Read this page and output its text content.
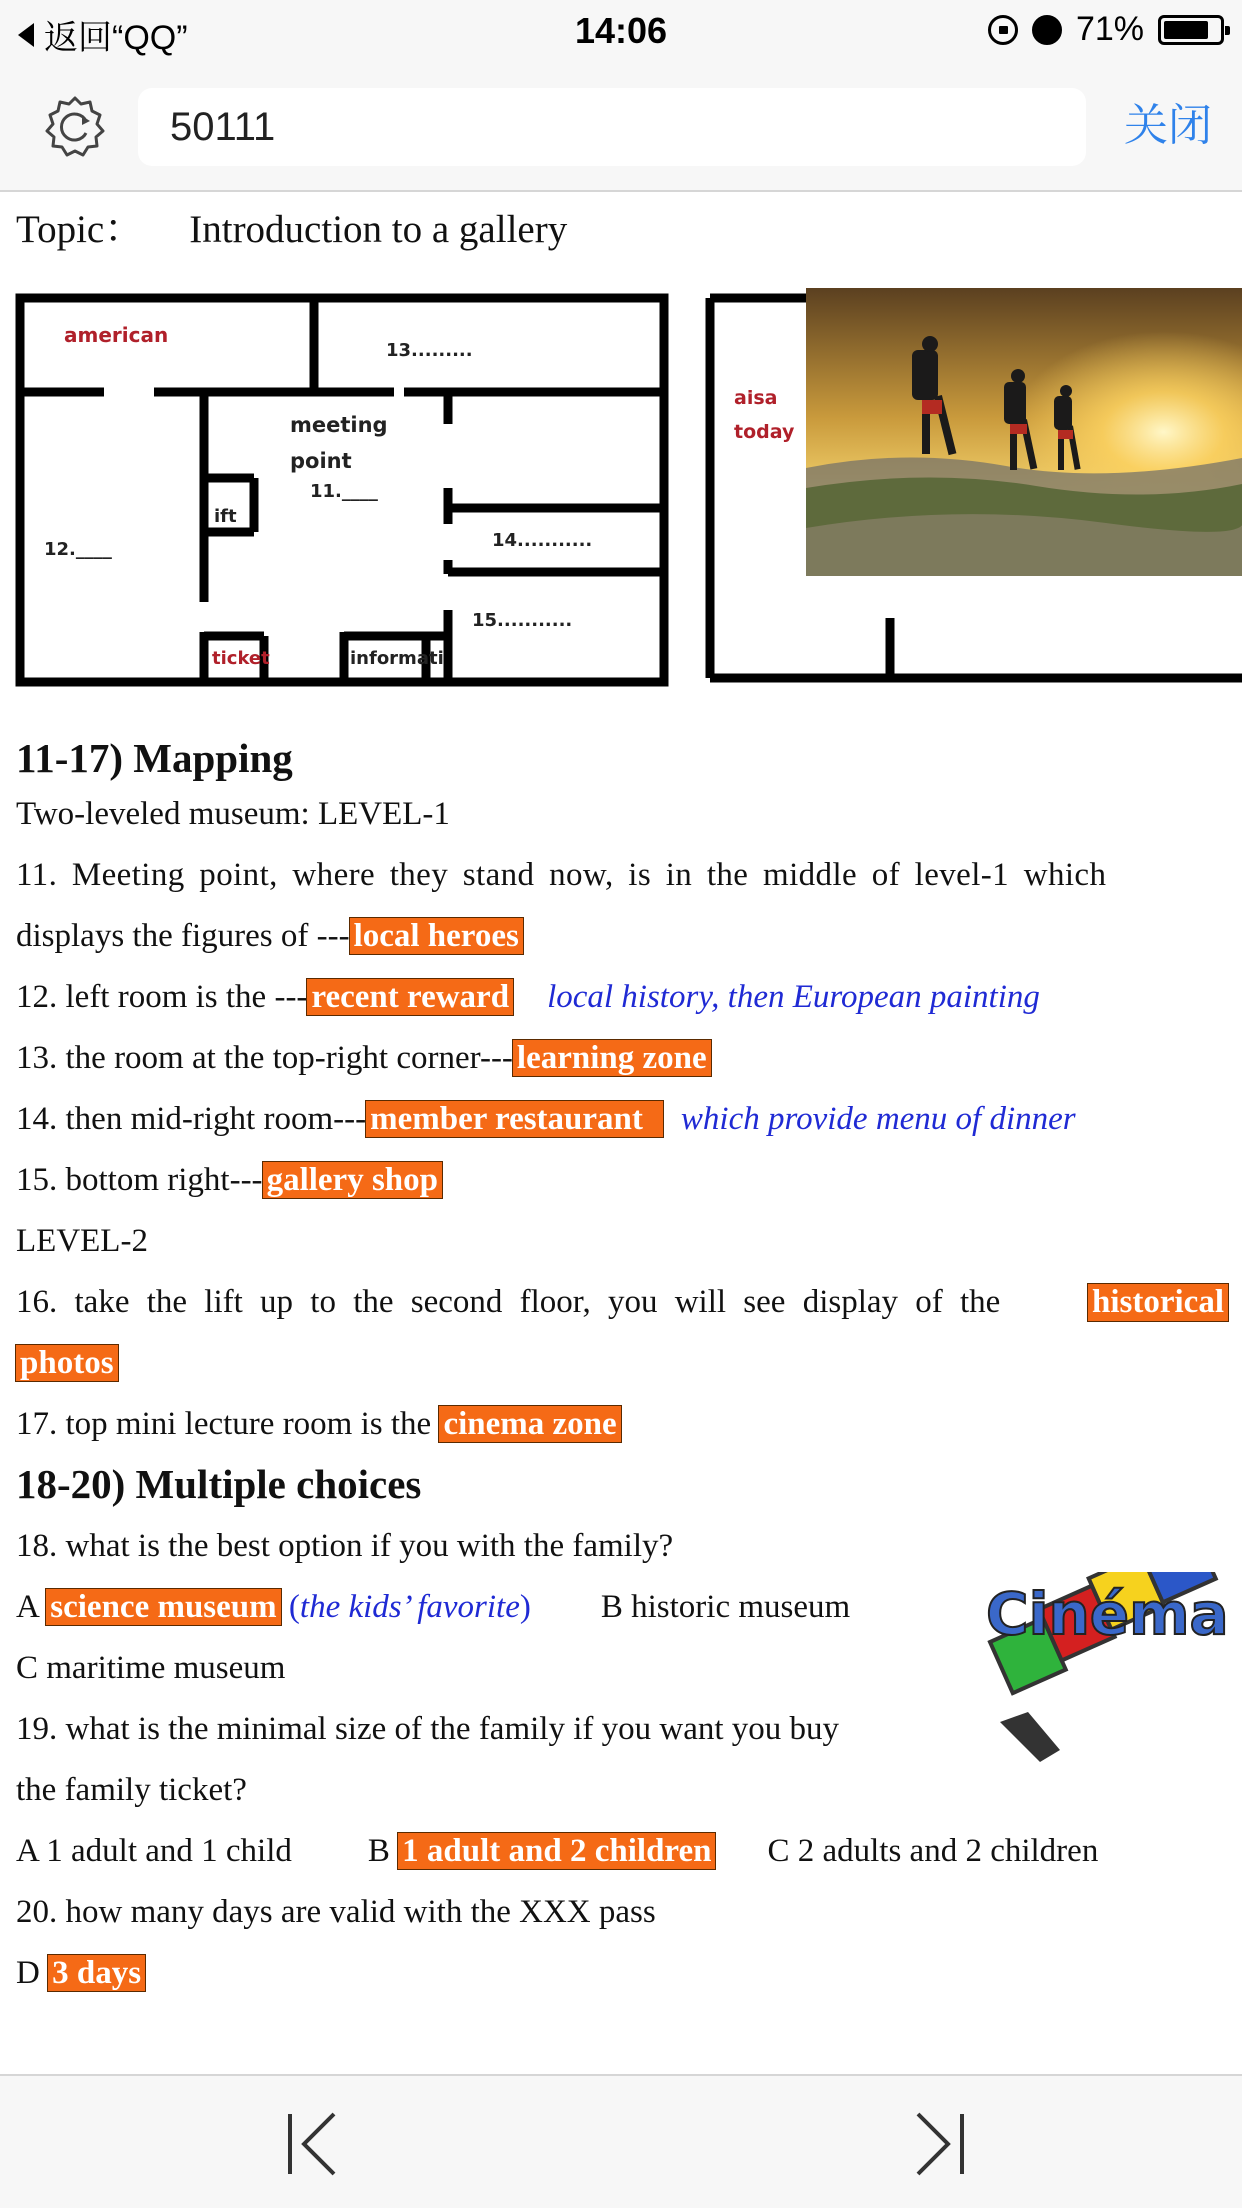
返回“QQ”	14:06	71%
50111	关闭
Topic： Introduction to a gallery
american
13.........
meeting
point
ift
11.____
12.____	14...........
15...........
ticket	informati
aisa
today
11-17) Mapping
Two-leveled museum: LEVEL-1
11. Meeting point, where they stand now, is in the middle of level-1 which
displays the figures of --- local heroes
12. left room is the --- recent reward local history, then European painting
13. the room at the top-right corner--- learning zone
14. then mid-right room--- member restaurant which provide menu of dinner
15. bottom right--- gallery shop
LEVEL-2
16. take the lift up to the second floor, you will see display of the	historical
photos
17. top mini lecture room is the cinema zone
18-20) Multiple choices
18. what is the best option if you with the family?
A science museum (the kids’ favorite) B historic museum
C maritime museum
19. what is the minimal size of the family if you want you buy
the family ticket?
A 1 adult and 1 child B 1 adult and 2 children C 2 adults and 2 children
20. how many days are valid with the XXX pass
D 3 days
Cinéma
